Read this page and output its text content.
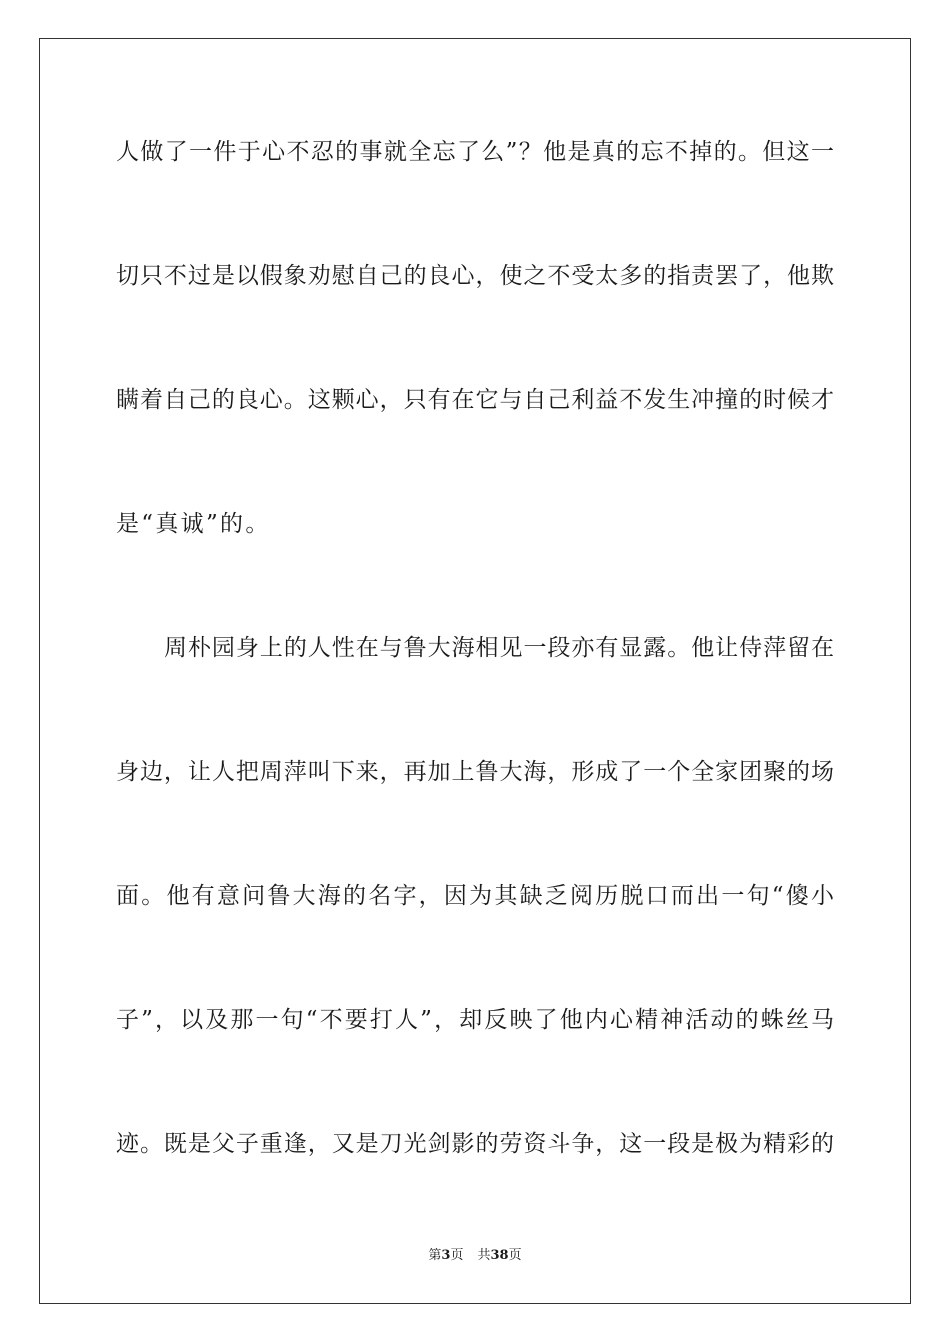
人做了一件于心不忍的事就全忘了么”？他是真的忘不掉的。但这一
切只不过是以假象劝慰自己的良心，使之不受太多的指责罢了，他欺
瞒着自己的良心。这颗心，只有在它与自己利益不发生冲撞的时候才
是“真诚”的。
周朴园身上的人性在与鲁大海相见一段亦有显露。他让侍萍留在
身边，让人把周萍叫下来，再加上鲁大海，形成了一个全家团聚的场
面。他有意问鲁大海的名字，因为其缺乏阅历脱口而出一句“傻小
子”，以及那一句“不要打人”，却反映了他内心精神活动的蛛丝马
迹。既是父子重逢，又是刀光剑影的劳资斗争，这一段是极为精彩的
第3页 共38页
